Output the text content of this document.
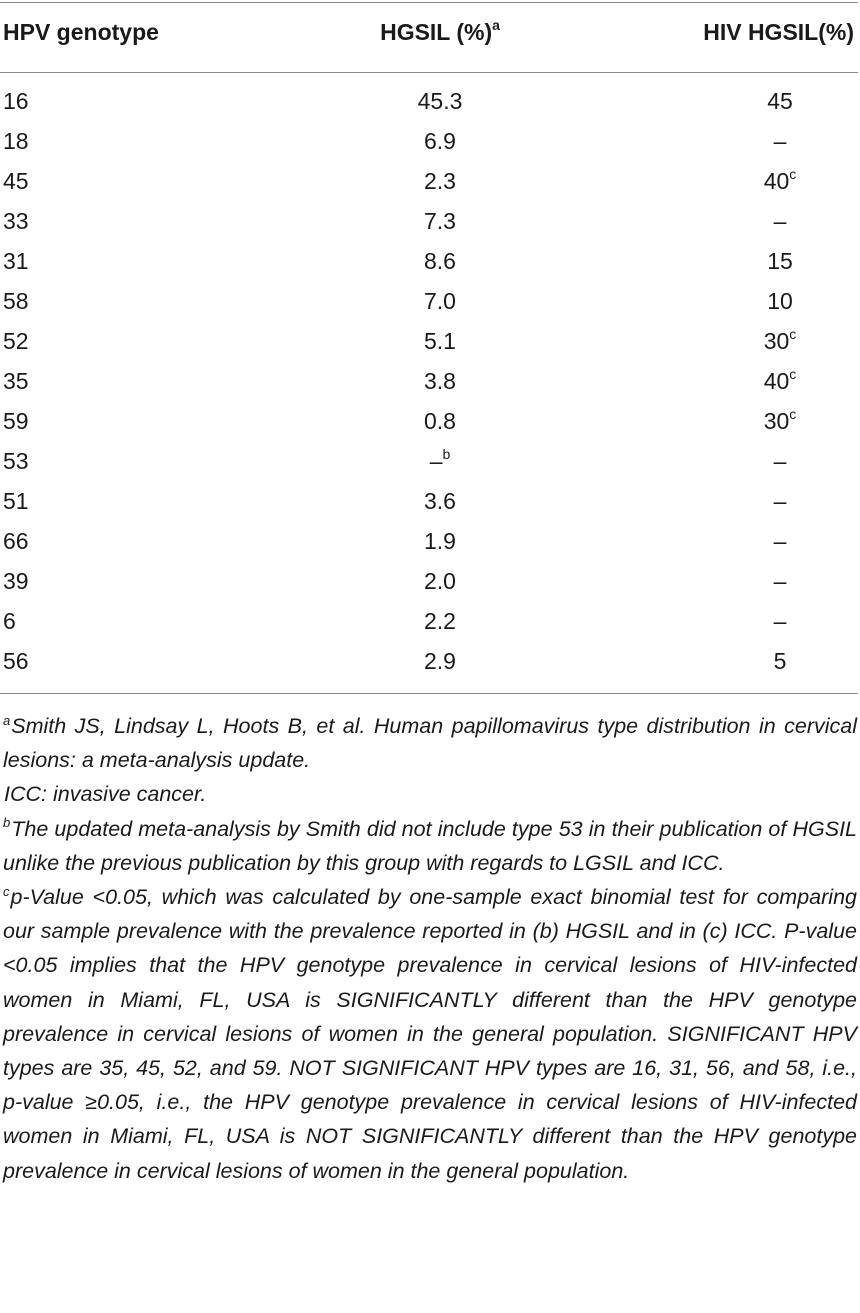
HPV genotype	HGSIL (%)$^a$	HIV HGSIL(%)
16	45.3	45
18	6.9	–
45	2.3	40$^c$
33	7.3	–
31	8.6	15
58	7.0	10
52	5.1	30$^c$
35	3.8	40$^c$
59	0.8	30$^c$
53	–$^b$	–
51	3.6	–
66	1.9	–
39	2.0	–
6	2.2	–
56	2.9	5

$^a$Smith JS, Lindsay L, Hoots B, et al. Human papillomavirus type distribution in cervical lesions: a meta-analysis update.

ICC: invasive cancer.

$^b$The updated meta-analysis by Smith did not include type 53 in their publication of HGSIL unlike the previous publication by this group with regards to LGSIL and ICC.

$^c$p-Value <0.05, which was calculated by one-sample exact binomial test for comparing our sample prevalence with the prevalence reported in (b) HGSIL and in (c) ICC. P-value <0.05 implies that the HPV genotype prevalence in cervical lesions of HIV-infected women in Miami, FL, USA is SIGNIFICANTLY different than the HPV genotype prevalence in cervical lesions of women in the general population. SIGNIFICANT HPV types are 35, 45, 52, and 59. NOT SIGNIFICANT HPV types are 16, 31, 56, and 58, i.e., p-value ≥0.05, i.e., the HPV genotype prevalence in cervical lesions of HIV-infected women in Miami, FL, USA is NOT SIGNIFICANTLY different than the HPV genotype prevalence in cervical lesions of women in the general population.
